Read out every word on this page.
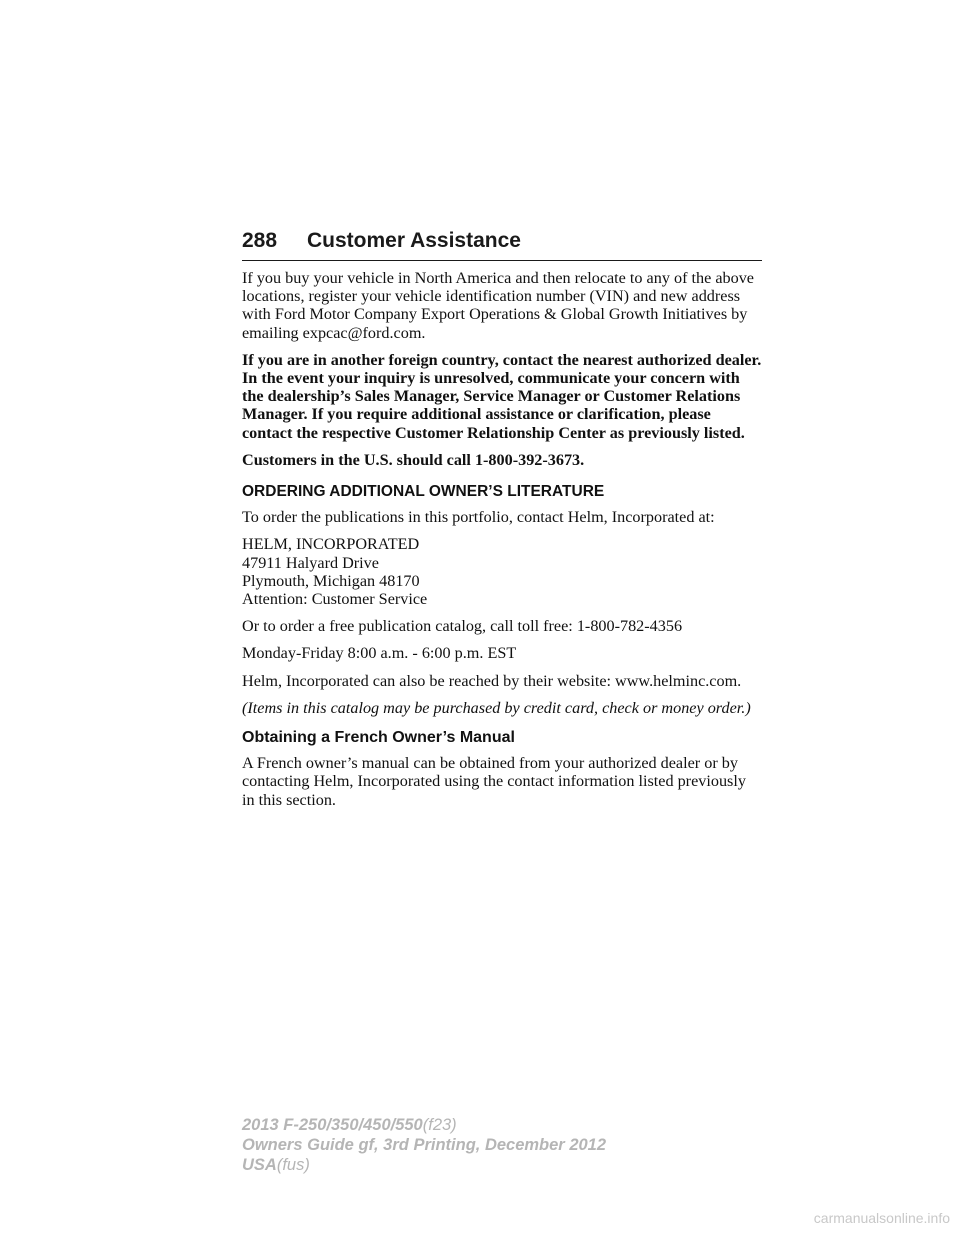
288 Customer Assistance

If you buy your vehicle in North America and then relocate to any of the above locations, register your vehicle identification number (VIN) and new address with Ford Motor Company Export Operations & Global Growth Initiatives by emailing expcac@ford.com.

If you are in another foreign country, contact the nearest authorized dealer. In the event your inquiry is unresolved, communicate your concern with the dealership’s Sales Manager, Service Manager or Customer Relations Manager. If you require additional assistance or clarification, please contact the respective Customer Relationship Center as previously listed.

Customers in the U.S. should call 1-800-392-3673.

ORDERING ADDITIONAL OWNER’S LITERATURE

To order the publications in this portfolio, contact Helm, Incorporated at:

HELM, INCORPORATED
47911 Halyard Drive
Plymouth, Michigan 48170
Attention: Customer Service

Or to order a free publication catalog, call toll free: 1-800-782-4356

Monday-Friday 8:00 a.m. - 6:00 p.m. EST

Helm, Incorporated can also be reached by their website: www.helminc.com.

(Items in this catalog may be purchased by credit card, check or money order.)

Obtaining a French Owner’s Manual

A French owner’s manual can be obtained from your authorized dealer or by contacting Helm, Incorporated using the contact information listed previously in this section.

2013 F-250/350/450/550(f23)
Owners Guide gf, 3rd Printing, December 2012
USA(fus)
carmanualsonline.info
